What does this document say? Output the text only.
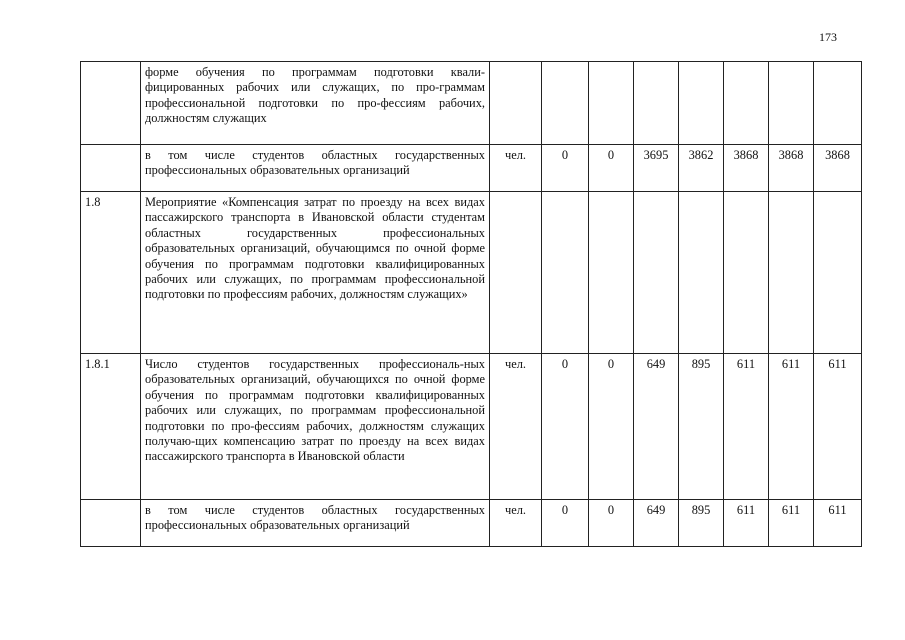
173
	форме обучения по программам подготовки квали-фицированных рабочих или служащих, по про-граммам профессиональной подготовки по про-фессиям рабочих, должностям служащих								
	в том числе студентов областных государственных профессиональных образовательных организаций	чел.	0	0	3695	3862	3868	3868	3868
1.8	Мероприятие «Компенсация затрат по проезду на всех видах пассажирского транспорта в Ивановской области студентам областных государственных профессиональных образовательных организаций, обучающимся по очной форме обучения по программам подготовки квалифицированных рабочих или служащих, по программам профессиональной подготовки по профессиям рабочих, должностям служащих»								
1.8.1	Число студентов государственных профессиональ-ных образовательных организаций, обучающихся по очной форме обучения по программам подготовки квалифицированных рабочих или служащих, по программам профессиональной подготовки по про-фессиям рабочих, должностям служащих получаю-щих компенсацию затрат по проезду на всех видах пассажирского транспорта в Ивановской области	чел.	0	0	649	895	611	611	611
	в том числе студентов областных государственных профессиональных образовательных организаций	чел.	0	0	649	895	611	611	611
